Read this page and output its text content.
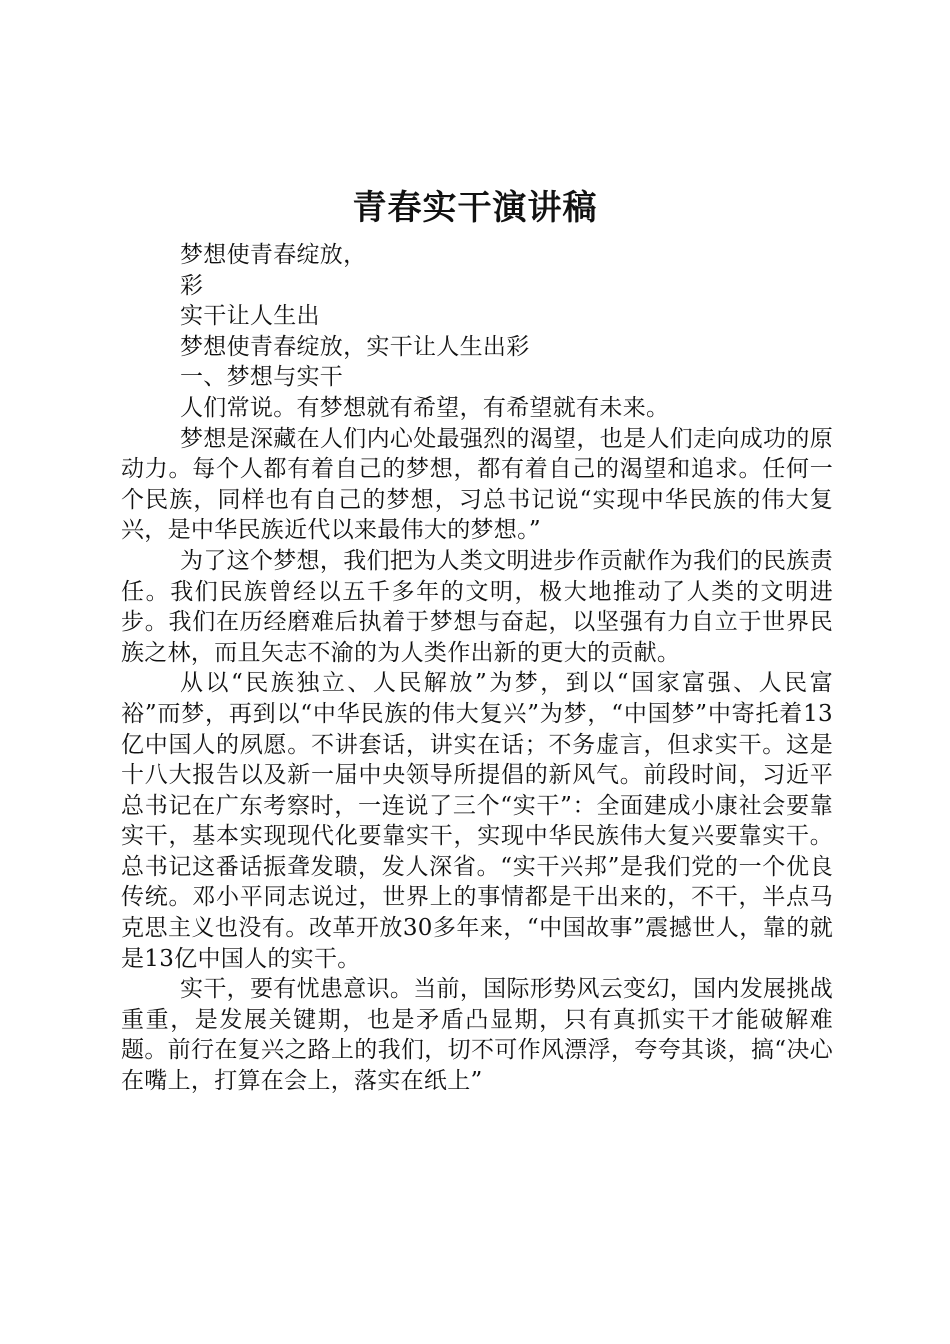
青春实干演讲稿
梦想使青春绽放，
彩
实干让人生出
梦想使青春绽放，实干让人生出彩
一、梦想与实干
人们常说。有梦想就有希望，有希望就有未来。

梦想是深藏在人们内心处最强烈的渴望，也是人们走向成功的原动力。每个人都有着自己的梦想，都有着自己的渴望和追求。任何一个民族，同样也有自己的梦想，习总书记说“实现中华民族的伟大复兴，是中华民族近代以来最伟大的梦想。”

为了这个梦想，我们把为人类文明进步作贡献作为我们的民族责任。我们民族曾经以五千多年的文明，极大地推动了人类的文明进步。我们在历经磨难后执着于梦想与奋起，以坚强有力自立于世界民族之林，而且矢志不渝的为人类作出新的更大的贡献。

从以“民族独立、人民解放”为梦，到以“国家富强、人民富裕”而梦，再到以“中华民族的伟大复兴”为梦，“中国梦”中寄托着13亿中国人的夙愿。不讲套话，讲实在话；不务虚言，但求实干。这是十八大报告以及新一届中央领导所提倡的新风气。前段时间，习近平总书记在广东考察时，一连说了三个“实干”：全面建成小康社会要靠实干，基本实现现代化要靠实干，实现中华民族伟大复兴要靠实干。总书记这番话振聋发聩，发人深省。“实干兴邦”是我们党的一个优良传统。邓小平同志说过，世界上的事情都是干出来的，不干，半点马克思主义也没有。改革开放30多年来，“中国故事”震撼世人，靠的就是13亿中国人的实干。

实干，要有忧患意识。当前，国际形势风云变幻，国内发展挑战重重，是发展关键期，也是矛盾凸显期，只有真抓实干才能破解难题。前行在复兴之路上的我们，切不可作风漂浮，夸夸其谈，搞“决心在嘴上，打算在会上，落实在纸上”
